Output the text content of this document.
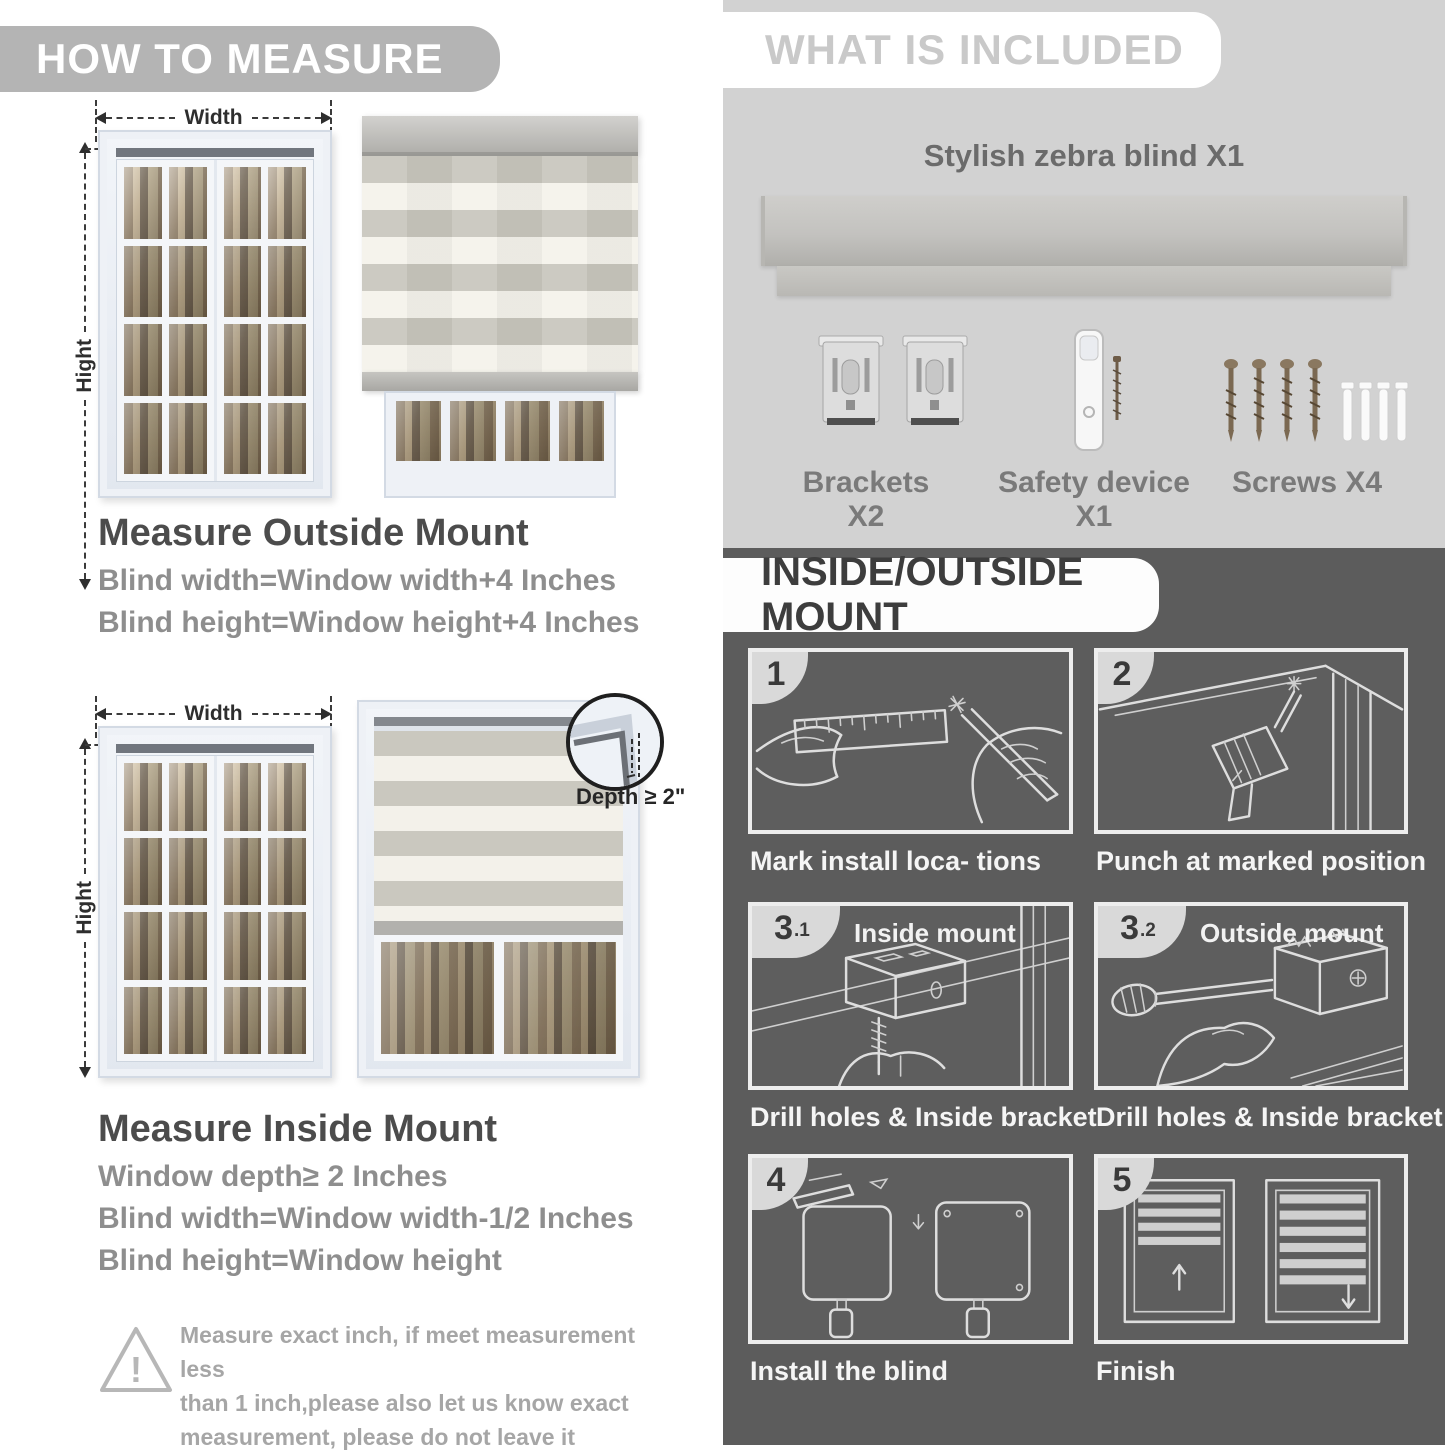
HOW TO MEASURE
Width
Hight
Measure Outside Mount
Blind width=Window width+4 Inches
Blind height=Window height+4 Inches
Width
Hight
Depth ≥ 2"
Measure Inside Mount
Window depth≥ 2 Inches
Blind width=Window width-1/2 Inches
Blind height=Window height
!
Measure exact inch, if meet measurement less
than 1 inch,please also let us know exact
measurement, please do not leave it
WHAT IS INCLUDED
Stylish zebra blind X1
Brackets X2
Safety device X1
Screws X4
INSIDE/OUTSIDE MOUNT
1	2
Mark install loca- tions Punch at marked position
3 .1 Inside mount	3 .2 Outside mount
Drill holes & Inside bracket Drill holes & Inside bracket
4	5
Install the blind	Finish
